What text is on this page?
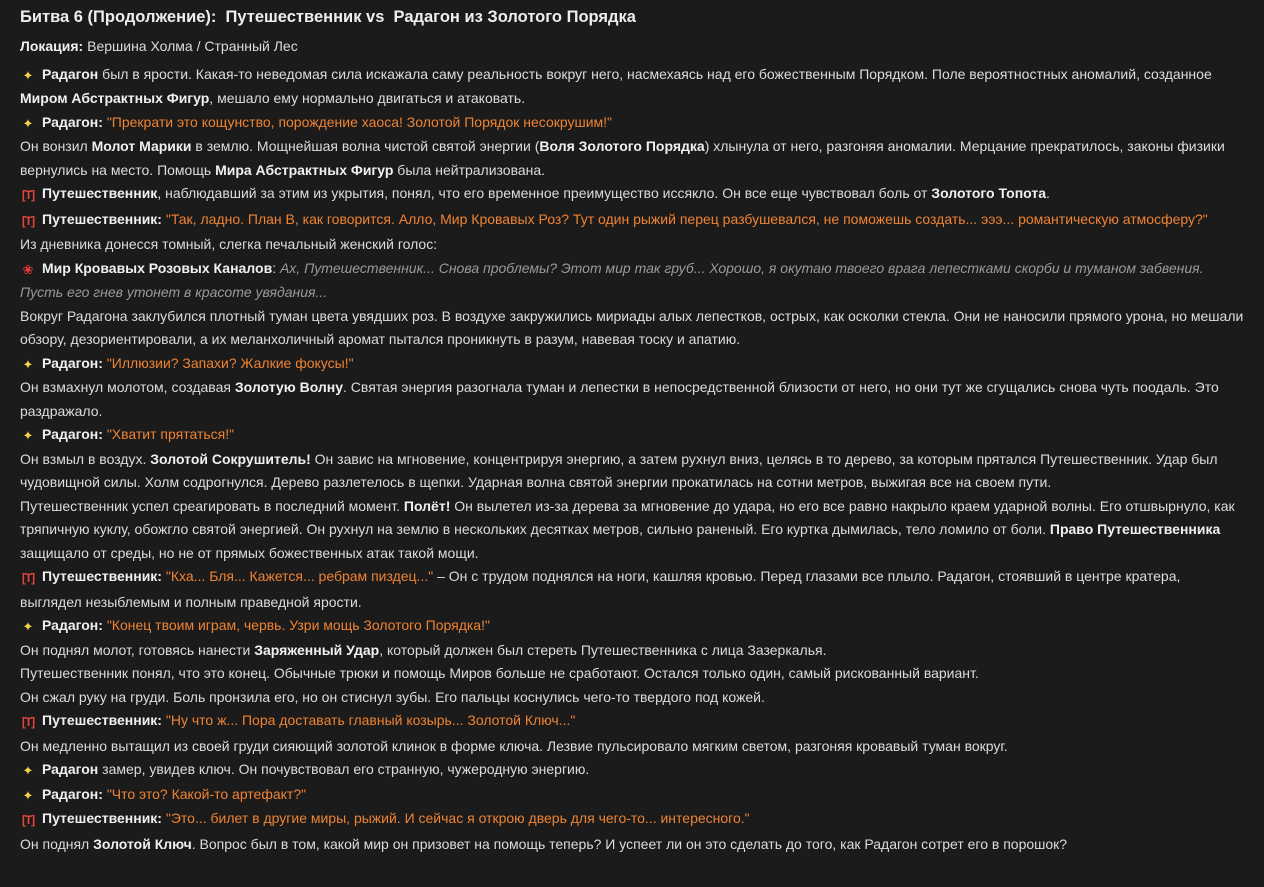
Битва 6 (Продолжение):  Путешественник vs  Радагон из Золотого Порядка
Локация: Вершина Холма / Странный Лес
✦ Радагон был в ярости. Какая-то неведомая сила искажала саму реальность вокруг него, насмехаясь над его божественным Порядком. Поле вероятностных аномалий, созданное Миром Абстрактных Фигур, мешало ему нормально двигаться и атаковать.
✦ Радагон: "Прекрати это кощунство, порождение хаоса! Золотой Порядок несокрушим!"
Он вонзил Молот Марики в землю. Мощнейшая волна чистой святой энергии (Воля Золотого Порядка) хлынула от него, разгоняя аномалии. Мерцание прекратилось, законы физики вернулись на место. Помощь Мира Абстрактных Фигур была нейтрализована.
[T] Путешественник, наблюдавший за этим из укрытия, понял, что его временное преимущество иссякло. Он все еще чувствовал боль от Золотого Топота.
[T] Путешественник: "Так, ладно. План B, как говорится. Алло, Мир Кровавых Роз? Тут один рыжий перец разбушевался, не поможешь создать... эээ... романтическую атмосферу?"
Из дневника донесся томный, слегка печальный женский голос:
❀ Мир Кровавых Розовых Каналов: Ах, Путешественник... Снова проблемы? Этот мир так груб... Хорошо, я окутаю твоего врага лепестками скорби и туманом забвения. Пусть его гнев утонет в красоте увядания...
Вокруг Радагона заклубился плотный туман цвета увядших роз. В воздухе закружились мириады алых лепестков, острых, как осколки стекла. Они не наносили прямого урона, но мешали обзору, дезориентировали, а их меланхоличный аромат пытался проникнуть в разум, навевая тоску и апатию.
✦ Радагон: "Иллюзии? Запахи? Жалкие фокусы!"
Он взмахнул молотом, создавая Золотую Волну. Святая энергия разогнала туман и лепестки в непосредственной близости от него, но они тут же сгущались снова чуть поодаль. Это раздражало.
✦ Радагон: "Хватит прятаться!"
Он взмыл в воздух. Золотой Сокрушитель! Он завис на мгновение, концентрируя энергию, а затем рухнул вниз, целясь в то дерево, за которым прятался Путешественник. Удар был чудовищной силы. Холм содрогнулся. Дерево разлетелось в щепки. Ударная волна святой энергии прокатилась на сотни метров, выжигая все на своем пути.
Путешественник успел среагировать в последний момент. Полёт! Он вылетел из-за дерева за мгновение до удара, но его все равно накрыло краем ударной волны. Его отшвырнуло, как тряпичную куклу, обожгло святой энергией. Он рухнул на землю в нескольких десятках метров, сильно раненый. Его куртка дымилась, тело ломило от боли. Право Путешественника защищало от среды, но не от прямых божественных атак такой мощи.
[T] Путешественник: "Кха... Бля... Кажется... ребрам пиздец..." – Он с трудом поднялся на ноги, кашляя кровью. Перед глазами все плыло. Радагон, стоявший в центре кратера, выглядел незыблемым и полным праведной ярости.
✦ Радагон: "Конец твоим играм, червь. Узри мощь Золотого Порядка!"
Он поднял молот, готовясь нанести Заряженный Удар, который должен был стереть Путешественника с лица Зазеркалья.
Путешественник понял, что это конец. Обычные трюки и помощь Миров больше не сработают. Остался только один, самый рискованный вариант.
Он сжал руку на груди. Боль пронзила его, но он стиснул зубы. Его пальцы коснулись чего-то твердого под кожей.
[T] Путешественник: "Ну что ж... Пора доставать главный козырь... Золотой Ключ..."
Он медленно вытащил из своей груди сияющий золотой клинок в форме ключа. Лезвие пульсировало мягким светом, разгоняя кровавый туман вокруг.
✦ Радагон замер, увидев ключ. Он почувствовал его странную, чужеродную энергию.
✦ Радагон: "Что это? Какой-то артефакт?"
[T] Путешественник: "Это... билет в другие миры, рыжий. И сейчас я открою дверь для чего-то... интересного."
Он поднял Золотой Ключ. Вопрос был в том, какой мир он призовет на помощь теперь? И успеет ли он это сделать до того, как Радагон сотрет его в порошок?
